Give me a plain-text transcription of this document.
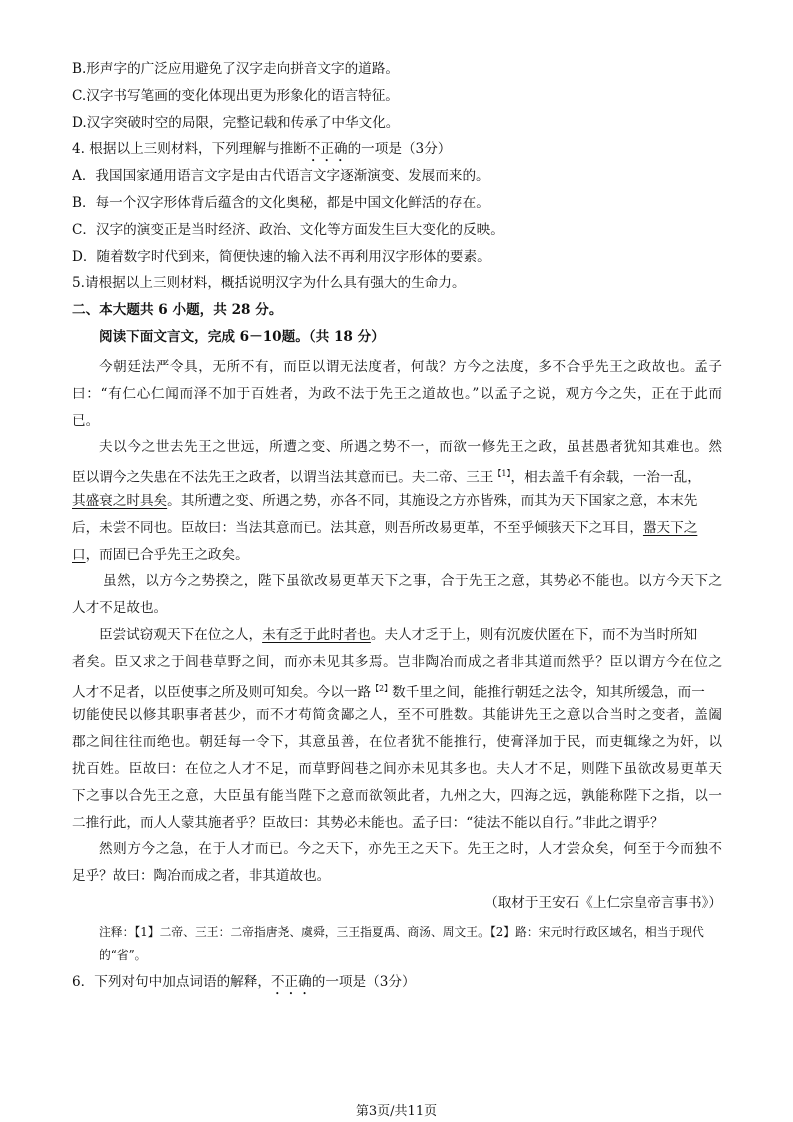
B.形声字的广泛应用避免了汉字走向拼音文字的道路。
C.汉字书写笔画的变化体现出更为形象化的语言特征。
D.汉字突破时空的局限，完整记载和传承了中华文化。
4. 根据以上三则材料，下列理解与推断不正确的一项是（3分）
A．我国国家通用语言文字是由古代语言文字逐渐演变、发展而来的。
B．每一个汉字形体背后蕴含的文化奥秘，都是中国文化鲜活的存在。
C．汉字的演变正是当时经济、政治、文化等方面发生巨大变化的反映。
D．随着数字时代到来，简便快速的输入法不再利用汉字形体的要素。
5.请根据以上三则材料，概括说明汉字为什么具有强大的生命力。
二、本大题共 6 小题，共 28 分。
阅读下面文言文，完成 6－10题。（共 18 分）
今朝廷法严令具，无所不有，而臣以谓无法度者，何哉？方今之法度，多不合乎先王之政故也。孟子
曰：“有仁心仁闻而泽不加于百姓者，为政不法于先王之道故也。”以孟子之说，观方今之失，正在于此而
已。
夫以今之世去先王之世远，所遭之变、所遇之势不一，而欲一修先王之政，虽甚愚者犹知其难也。然
臣以谓今之失患在不法先王之政者，以谓当法其意而已。夫二帝、三王$^{【1】}$，相去盖千有余载，一治一乱，
其盛衰之时具矣。其所遭之变、所遇之势，亦各不同，其施设之方亦皆殊，而其为天下国家之意，本末先
后，未尝不同也。臣故曰：当法其意而已。法其意，则吾所改易更革，不至乎倾骇天下之耳目，嚣天下之
口，而固已合乎先王之政矣。
虽然，以方今之势揆之，陛下虽欲改易更革天下之事，合于先王之意，其势必不能也。以方今天下之
人才不足故也。
臣尝试窃观天下在位之人，未有乏于此时者也。夫人才乏于上，则有沉废伏匿在下，而不为当时所知
者矣。臣又求之于闾巷草野之间，而亦未见其多焉。岂非陶冶而成之者非其道而然乎？臣以谓方今在位之
人才不足者，以臣使事之所及则可知矣。今以一路$^{【2】}$数千里之间，能推行朝廷之法令，知其所缓急，而一
切能使民以修其职事者甚少，而不才苟简贪鄙之人，至不可胜数。其能讲先王之意以合当时之变者，盖阖
郡之间往往而绝也。朝廷每一令下，其意虽善，在位者犹不能推行，使膏泽加于民，而吏辄缘之为奸，以
扰百姓。臣故曰：在位之人才不足，而草野闾巷之间亦未见其多也。夫人才不足，则陛下虽欲改易更革天
下之事以合先王之意，大臣虽有能当陛下之意而欲领此者，九州之大，四海之远，孰能称陛下之指，以一
二推行此，而人人蒙其施者乎？臣故曰：其势必未能也。孟子曰：“徒法不能以自行。”非此之谓乎？
然则方今之急，在于人才而已。今之天下，亦先王之天下。先王之时，人才尝众矣，何至于今而独不
足乎？故曰：陶冶而成之者，非其道故也。
（取材于王安石《上仁宗皇帝言事书》）
注释：【1】二帝、三王：二帝指唐尧、虞舜，三王指夏禹、商汤、周文王。【2】路：宋元时行政区域名，相当于现代的“省”。
6．下列对句中加点词语的解释，不正确的一项是（3分）
第3页/共11页
